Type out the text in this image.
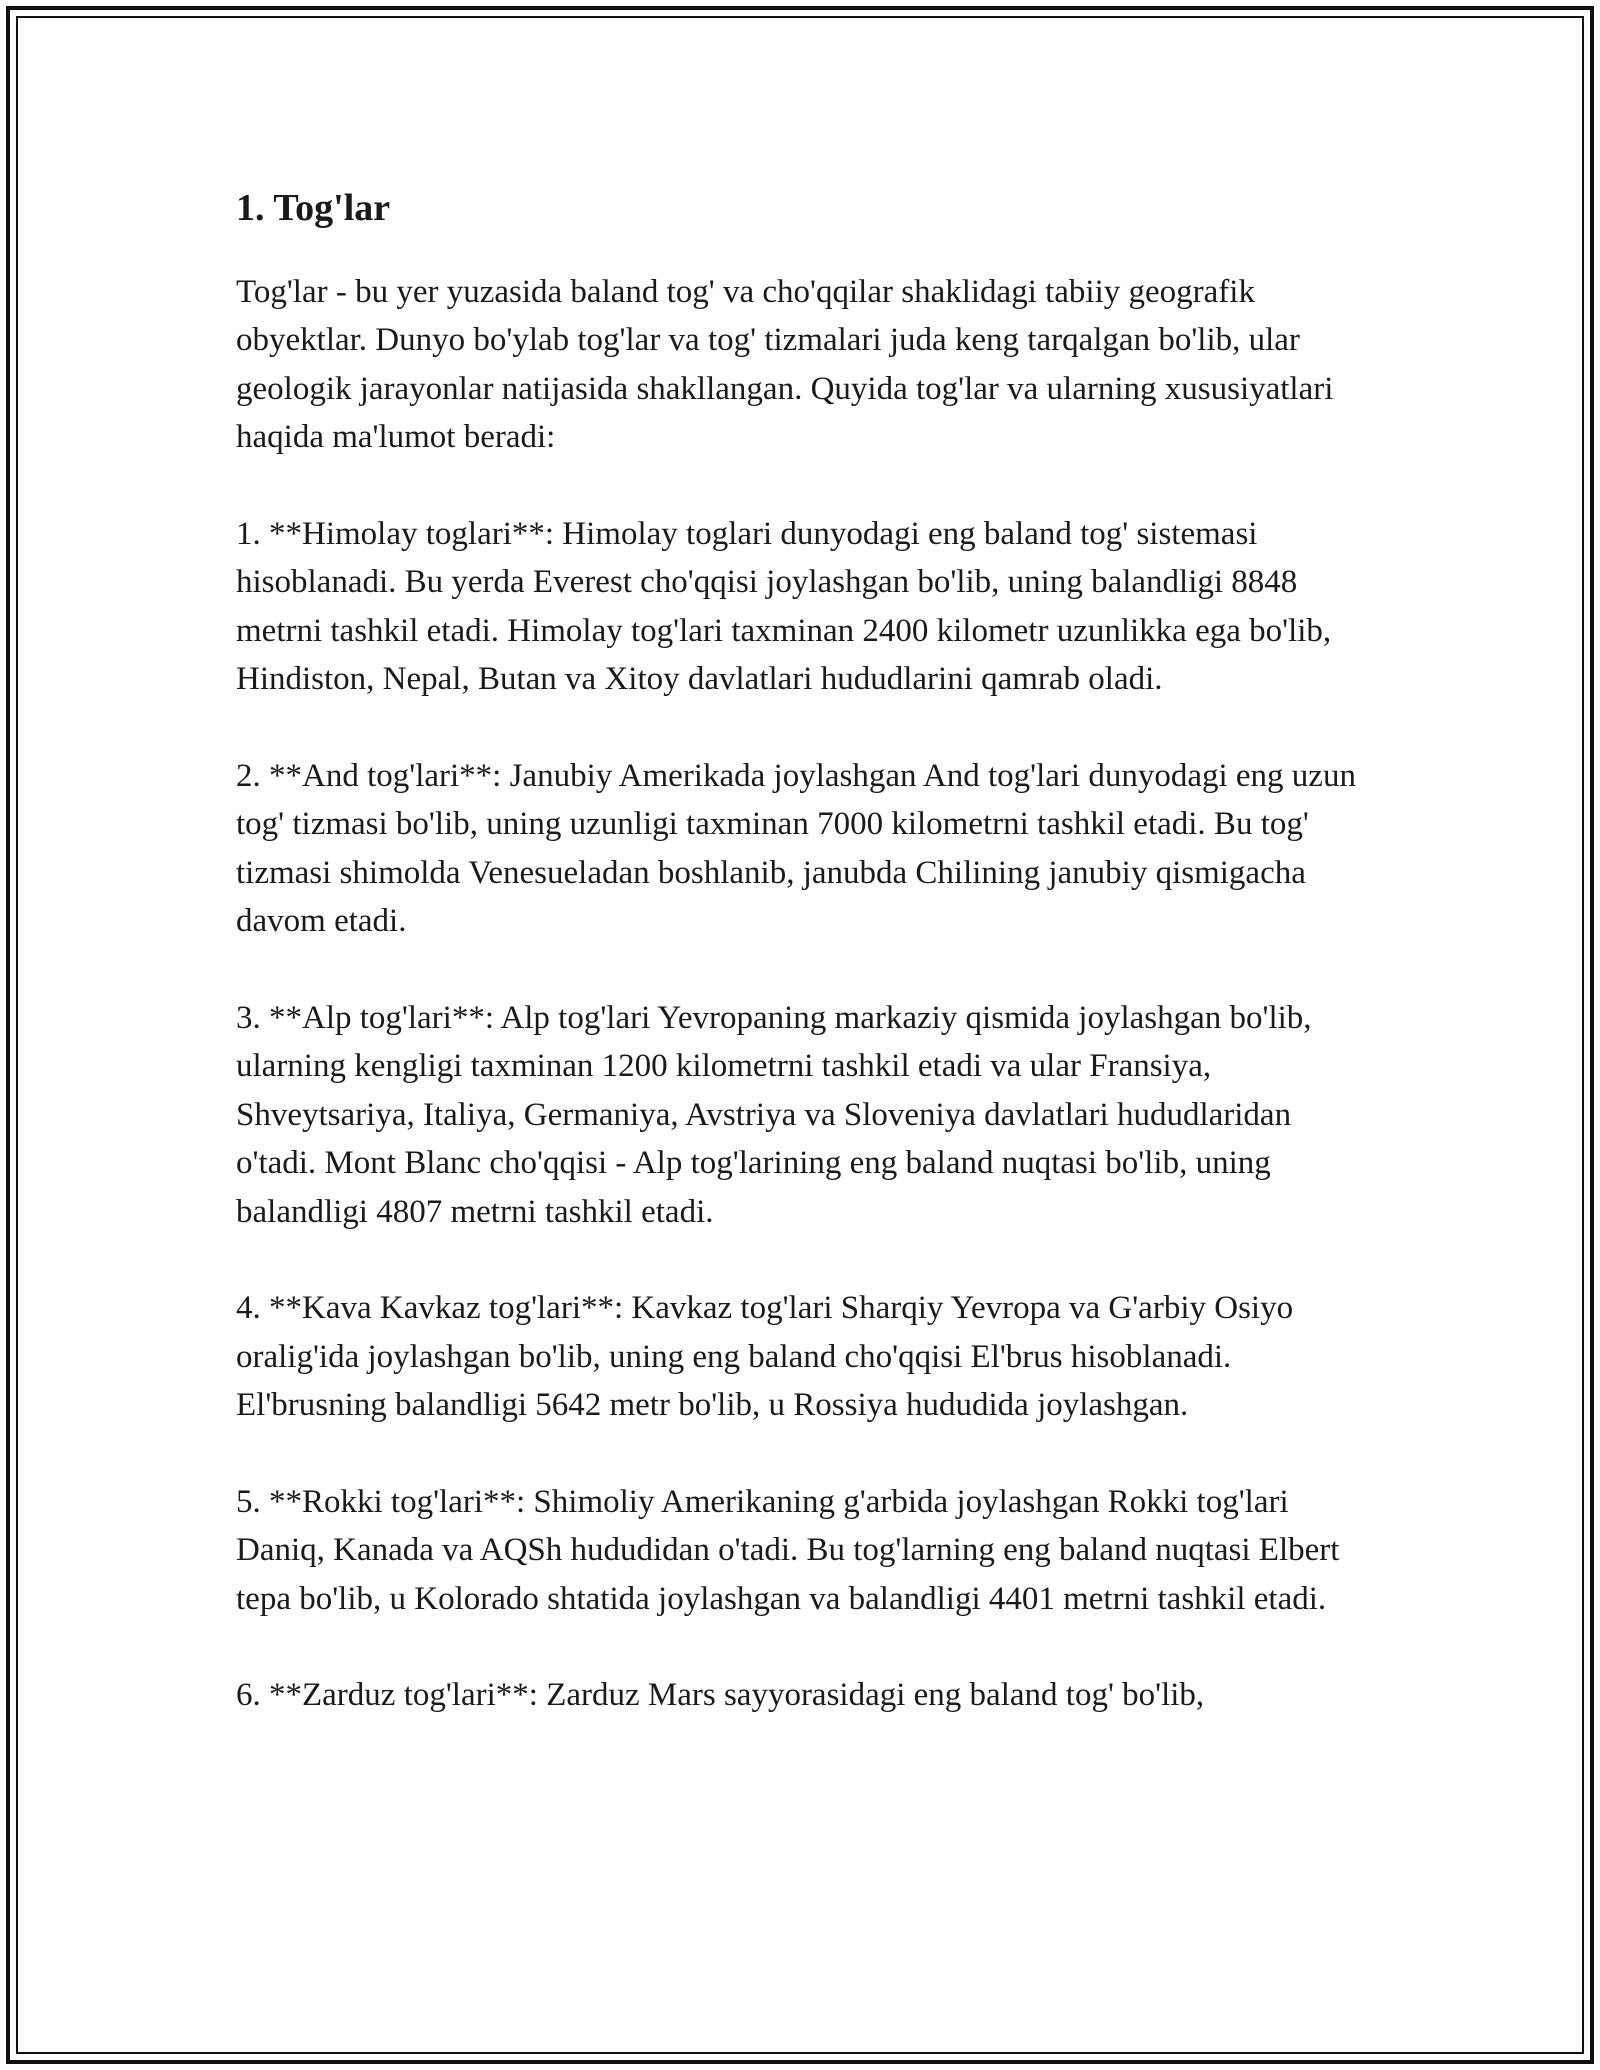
1. Tog'lar

Tog'lar - bu yer yuzasida baland tog' va cho'qqilar shaklidagi tabiiy geografik obyektlar. Dunyo bo'ylab tog'lar va tog' tizmalari juda keng tarqalgan bo'lib, ular geologik jarayonlar natijasida shakllangan. Quyida tog'lar va ularning xususiyatlari haqida ma'lumot beradi:

1. **Himolay toglari**: Himolay toglari dunyodagi eng baland tog' sistemasi hisoblanadi. Bu yerda Everest cho'qqisi joylashgan bo'lib, uning balandligi 8848 metrni tashkil etadi. Himolay tog'lari taxminan 2400 kilometr uzunlikka ega bo'lib, Hindiston, Nepal, Butan va Xitoy davlatlari hududlarini qamrab oladi.

2. **And tog'lari**: Janubiy Amerikada joylashgan And tog'lari dunyodagi eng uzun tog' tizmasi bo'lib, uning uzunligi taxminan 7000 kilometrni tashkil etadi. Bu tog' tizmasi shimolda Venesueladan boshlanib, janubda Chilining janubiy qismigacha davom etadi.

3. **Alp tog'lari**: Alp tog'lari Yevropaning markaziy qismida joylashgan bo'lib, ularning kengligi taxminan 1200 kilometrni tashkil etadi va ular Fransiya, Shveytsariya, Italiya, Germaniya, Avstriya va Sloveniya davlatlari hududlaridan o'tadi. Mont Blanc cho'qqisi - Alp tog'larining eng baland nuqtasi bo'lib, uning balandligi 4807 metrni tashkil etadi.

4. **Kava Kavkaz tog'lari**: Kavkaz tog'lari Sharqiy Yevropa va G'arbiy Osiyo oralig'ida joylashgan bo'lib, uning eng baland cho'qqisi El'brus hisoblanadi. El'brusning balandligi 5642 metr bo'lib, u Rossiya hududida joylashgan.

5. **Rokki tog'lari**: Shimoliy Amerikaning g'arbida joylashgan Rokki tog'lari Daniq, Kanada va AQSh hududidan o'tadi. Bu tog'larning eng baland nuqtasi Elbert tepa bo'lib, u Kolorado shtatida joylashgan va balandligi 4401 metrni tashkil etadi.

6. **Zarduz tog'lari**: Zarduz Mars sayyorasidagi eng baland tog' bo'lib,
